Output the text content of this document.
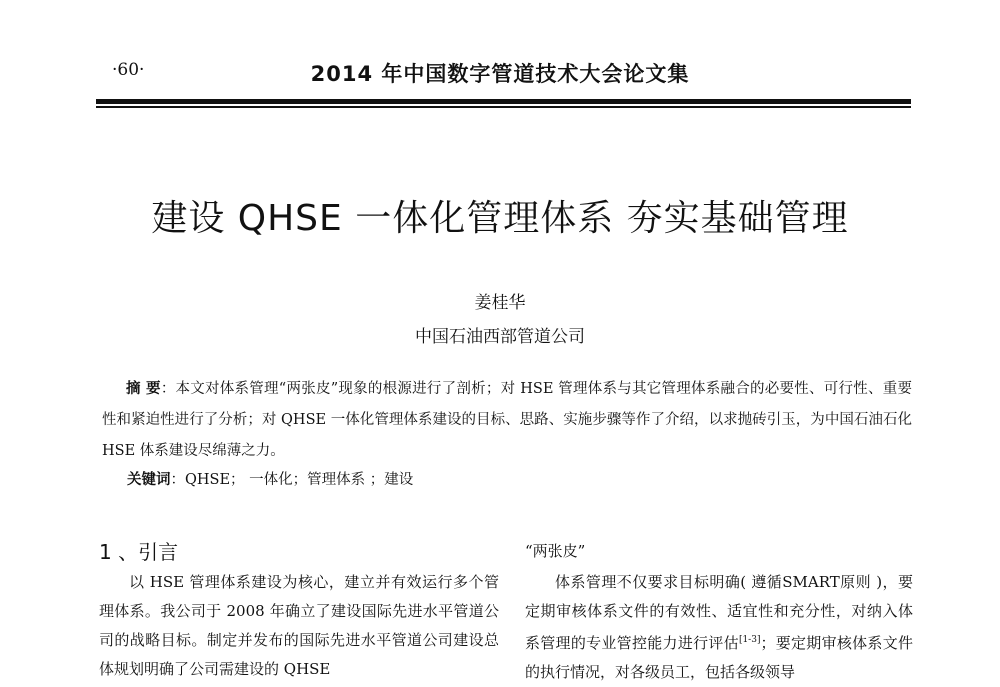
·60·	2014 年中国数字管道技术大会论文集
建设 QHSE 一体化管理体系 夯实基础管理
姜桂华
中国石油西部管道公司
摘 要：本文对体系管理“两张皮”现象的根源进行了剖析；对 HSE 管理体系与其它管理体系融合的必要性、可行性、重要性和紧迫性进行了分析；对 QHSE 一体化管理体系建设的目标、思路、实施步骤等作了介绍，以求抛砖引玉，为中国石油石化 HSE 体系建设尽绵薄之力。
关键词：QHSE； 一体化；管理体系 ；建设
1 、引言
以 HSE 管理体系建设为核心，建立并有效运行多个管理体系。我公司于 2008 年确立了建设国际先进水平管道公司的战略目标。制定并发布的国际先进水平管道公司建设总体规划明确了公司需建设的 QHSE
“两张皮”
体系管理不仅要求目标明确( 遵循SMART原则 )，要定期审核体系文件的有效性、适宜性和充分性，对纳入体系管理的专业管控能力进行评估[1-3]；要定期审核体系文件的执行情况，对各级员工，包括各级领导
